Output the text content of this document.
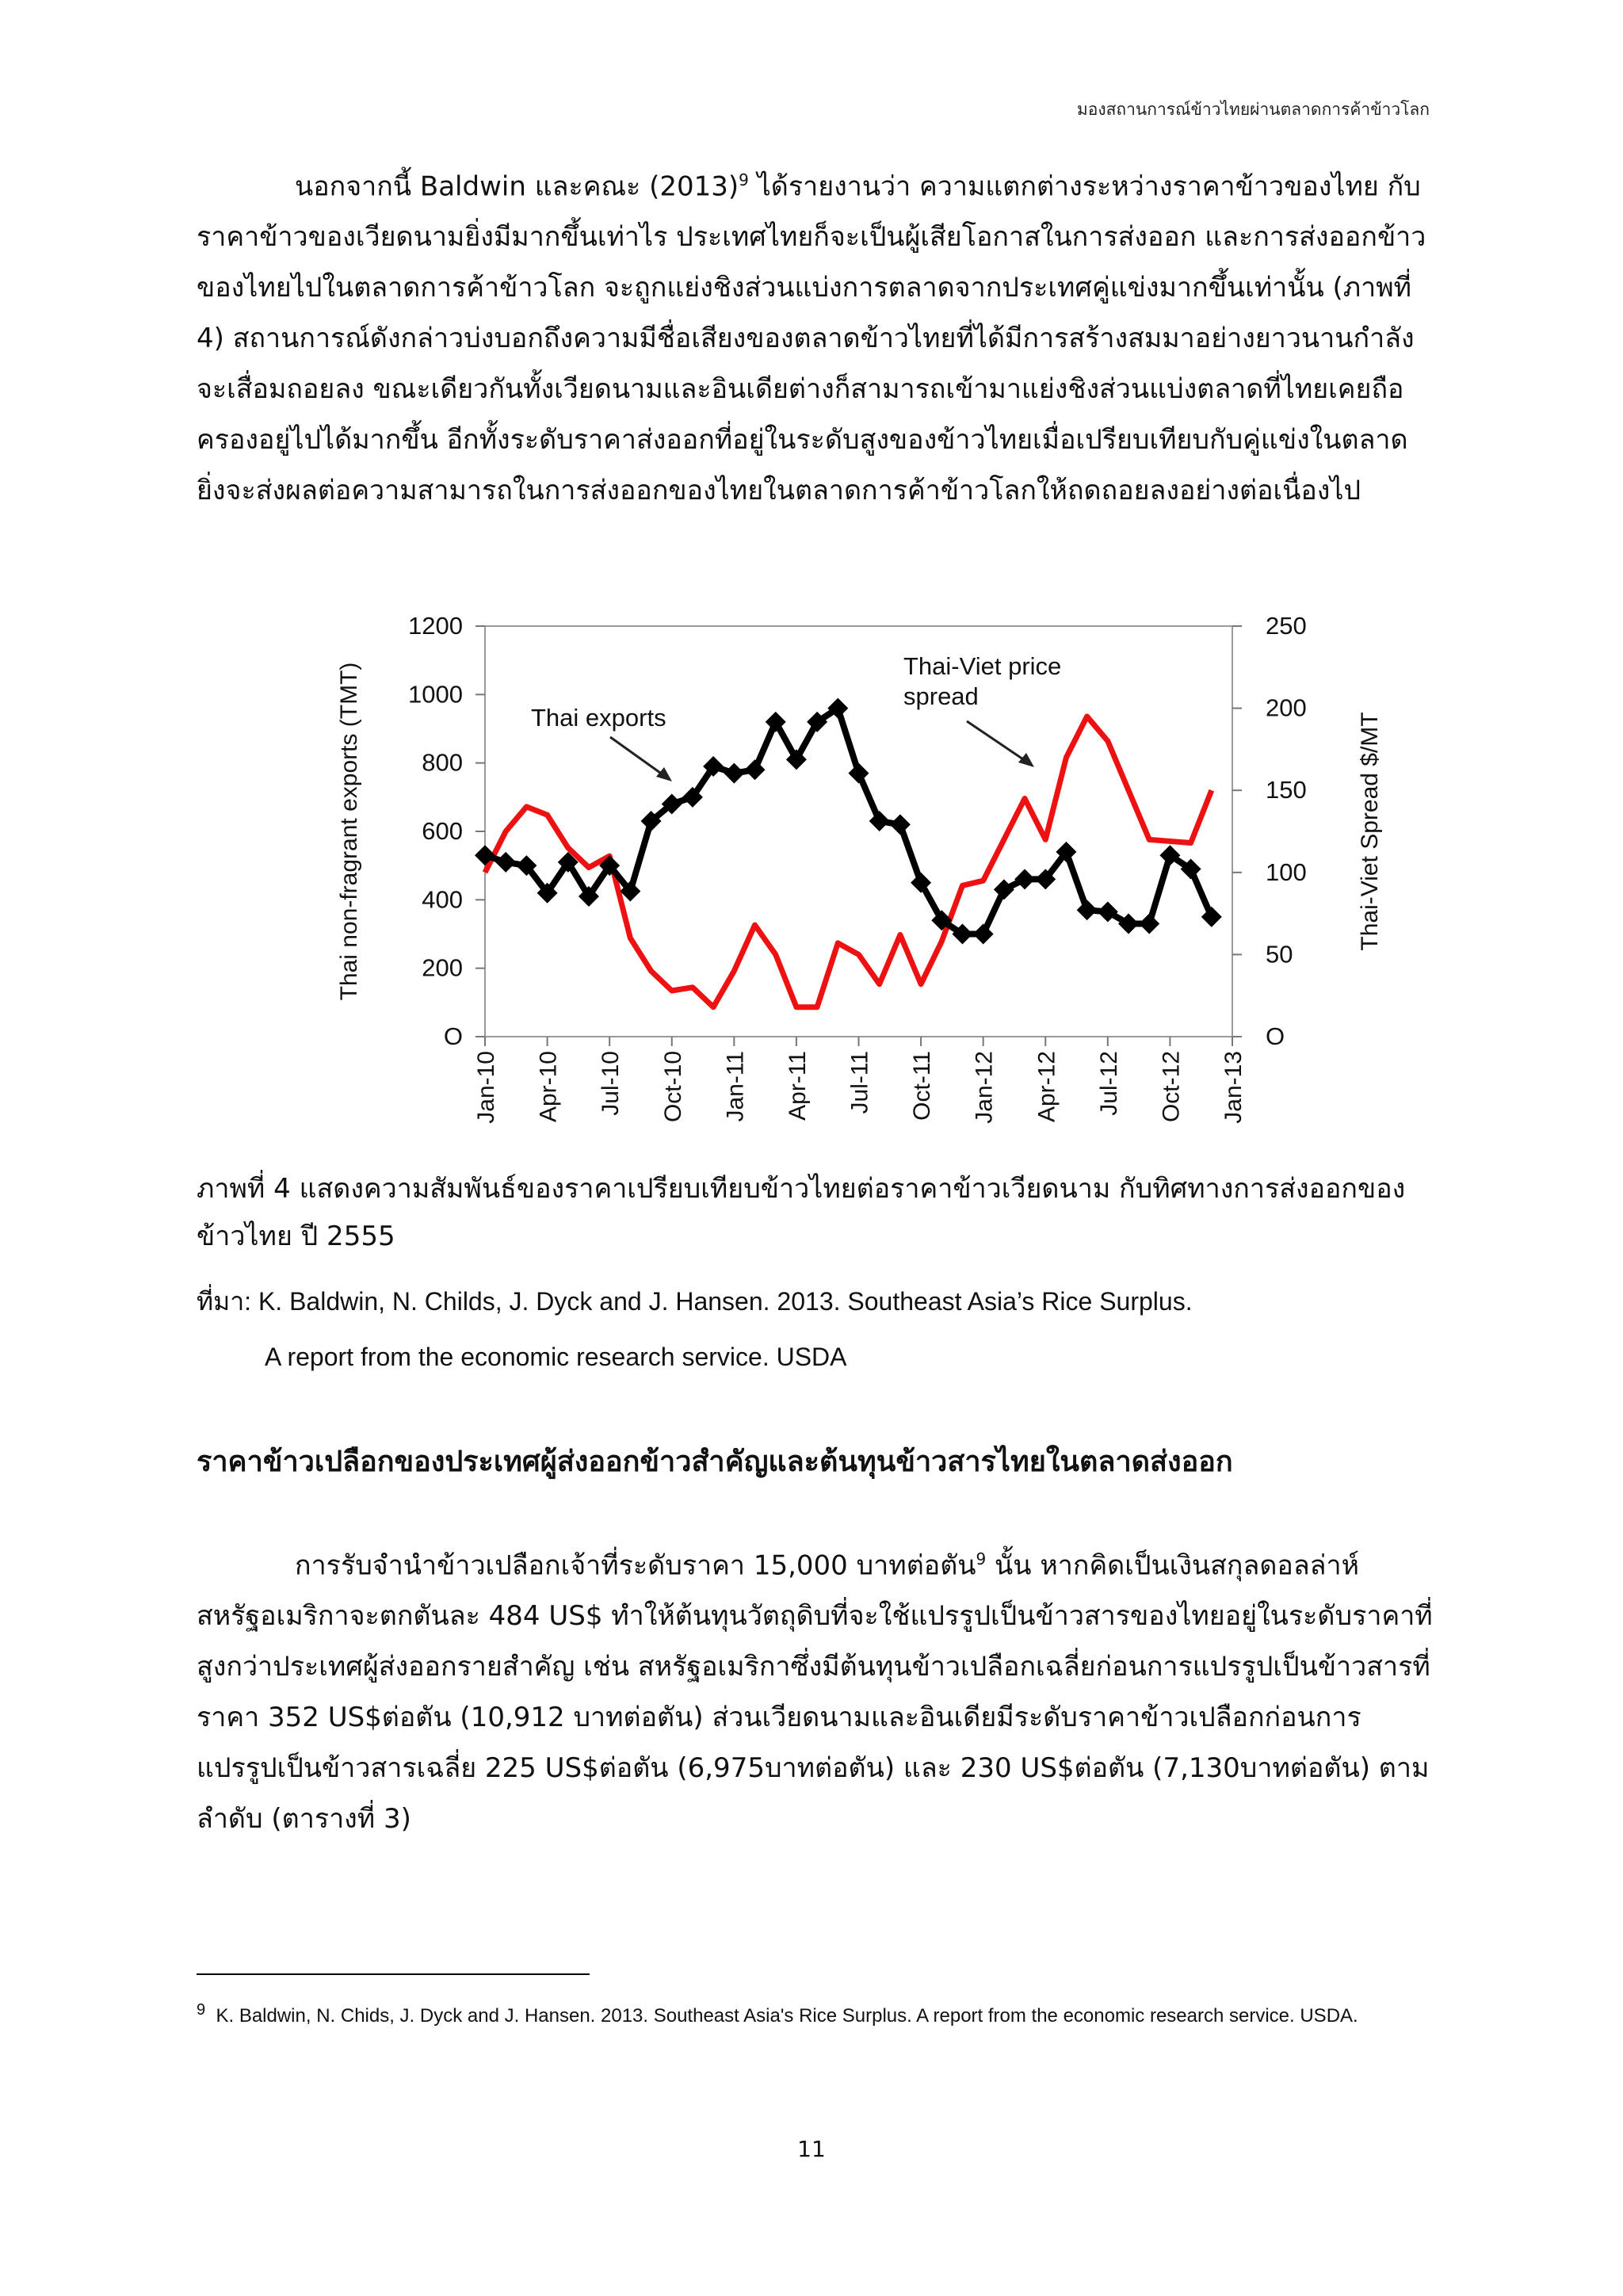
มองสถานการณ์ข้าวไทยผ่านตลาดการค้าข้าวโลก

นอกจากนี้ Baldwin และคณะ $(2013)^9$ ได้รายงานว่า ความแตกต่างระหว่างราคาข้าวของไทย กับราคาข้าวของเวียดนามยิ่งมีมากขึ้นเท่าไร ประเทศไทยก็จะเป็นผู้เสียโอกาสในการส่งออก และการส่งออกข้าวของไทยไปในตลาดการค้าข้าวโลก จะถูกแย่งชิงส่วนแบ่งการตลาดจากประเทศคู่แข่งมากขึ้นเท่านั้น (ภาพที่ 4) สถานการณ์ดังกล่าวบ่งบอกถึงความมีชื่อเสียงของตลาดข้าวไทยที่ได้มีการสร้างสมมาอย่างยาวนานกำลังจะเสื่อมถอยลง ขณะเดียวกันทั้งเวียดนามและอินเดียต่างก็สามารถเข้ามาแย่งชิงส่วนแบ่งตลาดที่ไทยเคยถือครองอยู่ไปได้มากขึ้น อีกทั้งระดับราคาส่งออกที่อยู่ในระดับสูงของข้าวไทยเมื่อเปรียบเทียบกับคู่แข่งในตลาด ยิ่งจะส่งผลต่อความสามารถในการส่งออกของไทยในตลาดการค้าข้าวโลกให้ถดถอยลงอย่างต่อเนื่องไป

O
200
400
600
800
1000
1200
O
50
100
150
200
250
Jan-10 Apr-10 Jul-10 Oct-10 Jan-11 Apr-11 Jul-11 Oct-11 Jan-12 Apr-12 Jul-12 Oct-12 Jan-13
Thai non-fragrant exports (TMT)	Thai-Viet Spread $/MT
Thai exports
Thai-Viet price
spread

ภาพที่ 4 แสดงความสัมพันธ์ของราคาเปรียบเทียบข้าวไทยต่อราคาข้าวเวียดนาม กับทิศทางการส่งออกของข้าวไทย ปี 2555

ที่มา: K. Baldwin, N. Childs, J. Dyck and J. Hansen. 2013. Southeast Asia’s Rice Surplus.

A report from the economic research service. USDA

ราคาข้าวเปลือกของประเทศผู้ส่งออกข้าวสำคัญและต้นทุนข้าวสารไทยในตลาดส่งออก

การรับจำนำข้าวเปลือกเจ้าที่ระดับราคา 15,000 บาทต่อตัน$^9$ นั้น หากคิดเป็นเงินสกุลดอลล่าห์สหรัฐอเมริกาจะตกตันละ 484 US$ ทำให้ต้นทุนวัตถุดิบที่จะใช้แปรรูปเป็นข้าวสารของไทยอยู่ในระดับราคาที่สูงกว่าประเทศผู้ส่งออกรายสำคัญ เช่น สหรัฐอเมริกาซึ่งมีต้นทุนข้าวเปลือกเฉลี่ยก่อนการแปรรูปเป็นข้าวสารที่ราคา 352 US$ต่อตัน (10,912 บาทต่อตัน) ส่วนเวียดนามและอินเดียมีระดับราคาข้าวเปลือกก่อนการแปรรูปเป็นข้าวสารเฉลี่ย 225 US$ต่อตัน (6,975บาทต่อตัน) และ 230 US$ต่อตัน (7,130บาทต่อตัน) ตามลำดับ (ตารางที่ 3)

$^9$ K. Baldwin, N. Chids, J. Dyck and J. Hansen. 2013. Southeast Asia's Rice Surplus. A report from the economic research service. USDA.

11
